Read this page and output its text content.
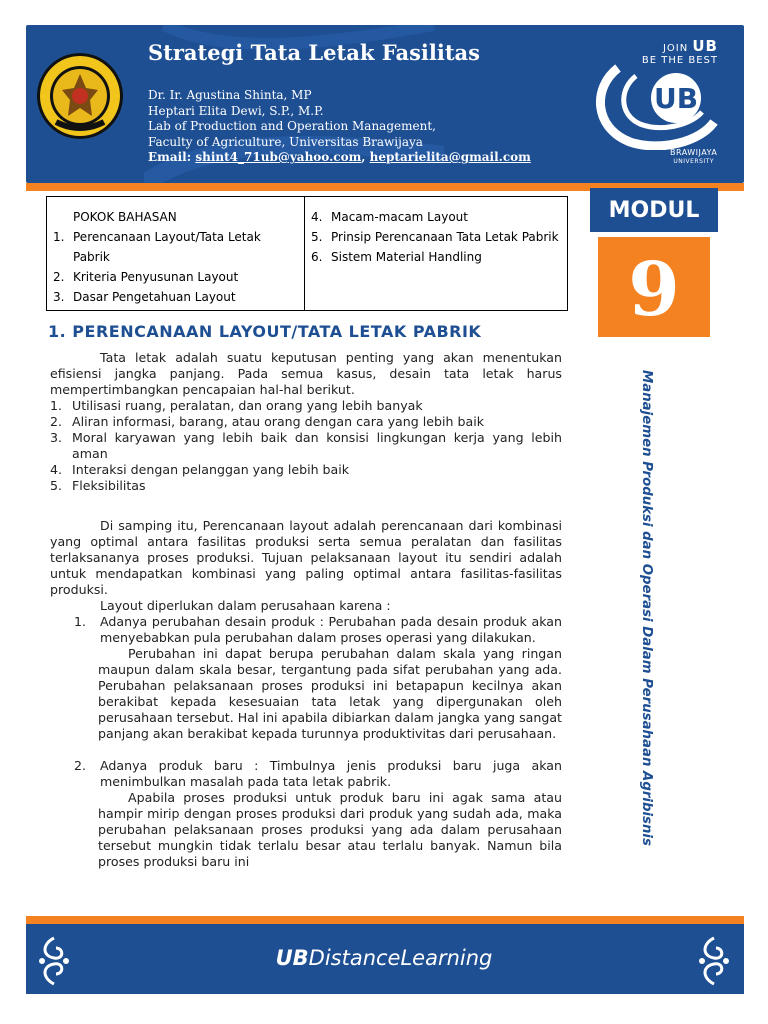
Strategi Tata Letak Fasilitas
Dr. Ir. Agustina Shinta, MP
Heptari Elita Dewi, S.P., M.P.
Lab of Production and Operation Management,
Faculty of Agriculture, Universitas Brawijaya
Email: shint4_71ub@yahoo.com, heptarielita@gmail.com
JOIN UB
BE THE BEST
UB
BRAWIJAYA
UNIVERSITY
MODUL
9
Manajemen Produksi dan Operasi Dalam Perusahaan Agribisnis
POKOK BAHASAN
1. Perencanaan Layout/Tata Letak Pabrik
2. Kriteria Penyusunan Layout
3. Dasar Pengetahuan Layout
4. Macam-macam Layout
5. Prinsip Perencanaan Tata Letak Pabrik
6. Sistem Material Handling
1. PERENCANAAN LAYOUT/TATA LETAK PABRIK

Tata letak adalah suatu keputusan penting yang akan menentukan efisiensi jangka panjang. Pada semua kasus, desain tata letak harus mempertimbangkan pencapaian hal-hal berikut.

1. Utilisasi ruang, peralatan, dan orang yang lebih banyak
2. Aliran informasi, barang, atau orang dengan cara yang lebih baik
3. Moral karyawan yang lebih baik dan konsisi lingkungan kerja yang lebih aman
4. Interaksi dengan pelanggan yang lebih baik
5. Fleksibilitas

Di samping itu, Perencanaan layout adalah perencanaan dari kombinasi yang optimal antara fasilitas produksi serta semua peralatan dan fasilitas terlaksananya proses produksi. Tujuan pelaksanaan layout itu sendiri adalah untuk mendapatkan kombinasi yang paling optimal antara fasilitas-fasilitas produksi.

Layout diperlukan dalam perusahaan karena :

1.	Adanya perubahan desain produk : Perubahan pada desain produk akan menyebabkan pula perubahan dalam proses operasi yang dilakukan.

Perubahan ini dapat berupa perubahan dalam skala yang ringan maupun dalam skala besar, tergantung pada sifat perubahan yang ada. Perubahan pelaksanaan proses produksi ini betapapun kecilnya akan berakibat kepada kesesuaian tata letak yang dipergunakan oleh perusahaan tersebut. Hal ini apabila dibiarkan dalam jangka yang sangat panjang akan berakibat kepada turunnya produktivitas dari perusahaan.

2.	Adanya produk baru : Timbulnya jenis produksi baru juga akan menimbulkan masalah pada tata letak pabrik.

Apabila proses produksi untuk produk baru ini agak sama atau hampir mirip dengan proses produksi dari produk yang sudah ada, maka perubahan pelaksanaan proses produksi yang ada dalam perusahaan tersebut mungkin tidak terlalu besar atau terlalu banyak. Namun bila proses produksi baru ini

UBDistanceLearning
